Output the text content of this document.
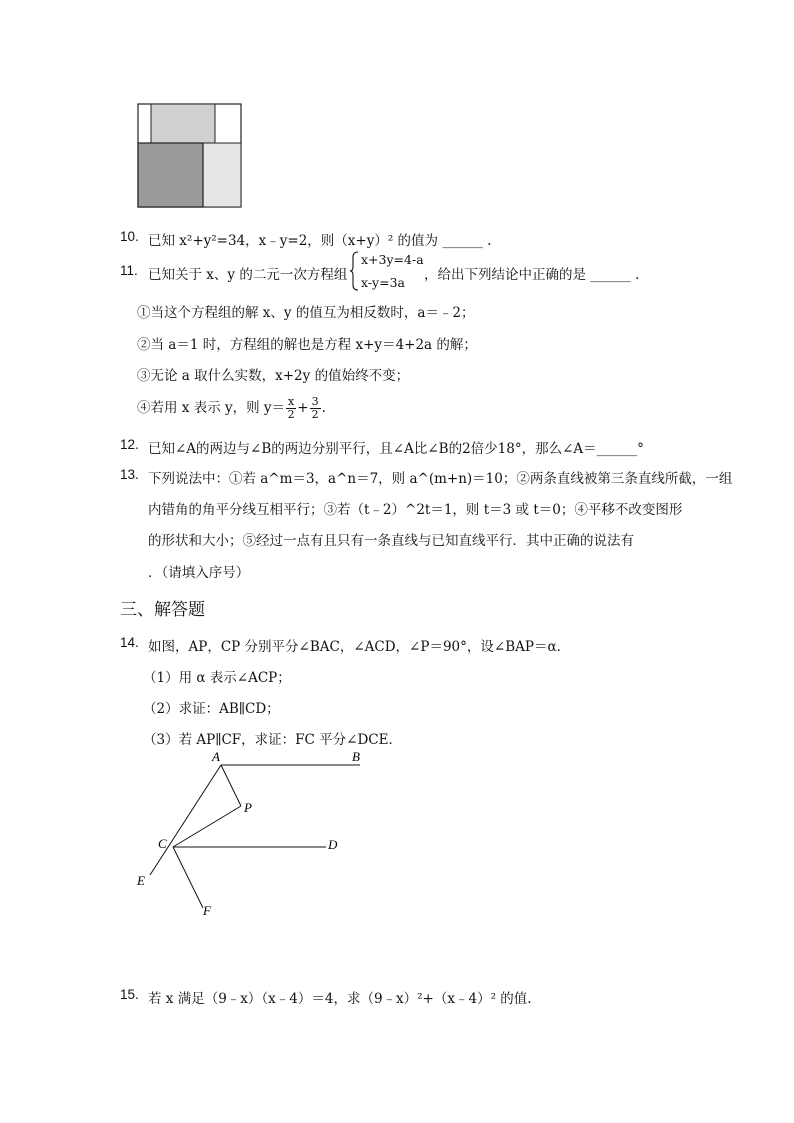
10. 已知 x²+y²=34，x﹣y=2，则（x+y）² 的值为 ______ .
11. 已知关于 x、y 的二元一次方程组
x+3y=4-a
x-y=3a ，给出下列结论中正确的是 ______ .
①当这个方程组的解 x、y 的值互为相反数时，a＝﹣2；
②当 a＝1 时，方程组的解也是方程 x+y＝4+2a 的解；
③无论 a 取什么实数，x+2y 的值始终不变；
④若用 x 表示 y，则 $y= \frac{x}{2} + \frac{3}{2}$ .
12. 已知∠A的两边与∠B的两边分别平行，且∠A比∠B的2倍少18°，那么∠A＝______°
13. 下列说法中：①若 a^m＝3，a^n＝7，则 a^(m+n)＝10；②两条直线被第三条直线所截，一组
内错角的角平分线互相平行；③若（t﹣2）^2t＝1，则 t＝3 或 t＝0；④平移不改变图形
的形状和大小；⑤经过一点有且只有一条直线与已知直线平行．其中正确的说法有
．（请填入序号）
三、解答题
14. 如图，AP，CP 分别平分∠BAC，∠ACD，∠P＝90°，设∠BAP＝α．
（1）用 α 表示∠ACP；
（2）求证：AB∥CD；
（3）若 AP∥CF，求证：FC 平分∠DCE．
A	B
P
C	D
E
F
15. 若 x 满足（9﹣x）（x﹣4）＝4，求（9﹣x）²+（x﹣4）² 的值.
